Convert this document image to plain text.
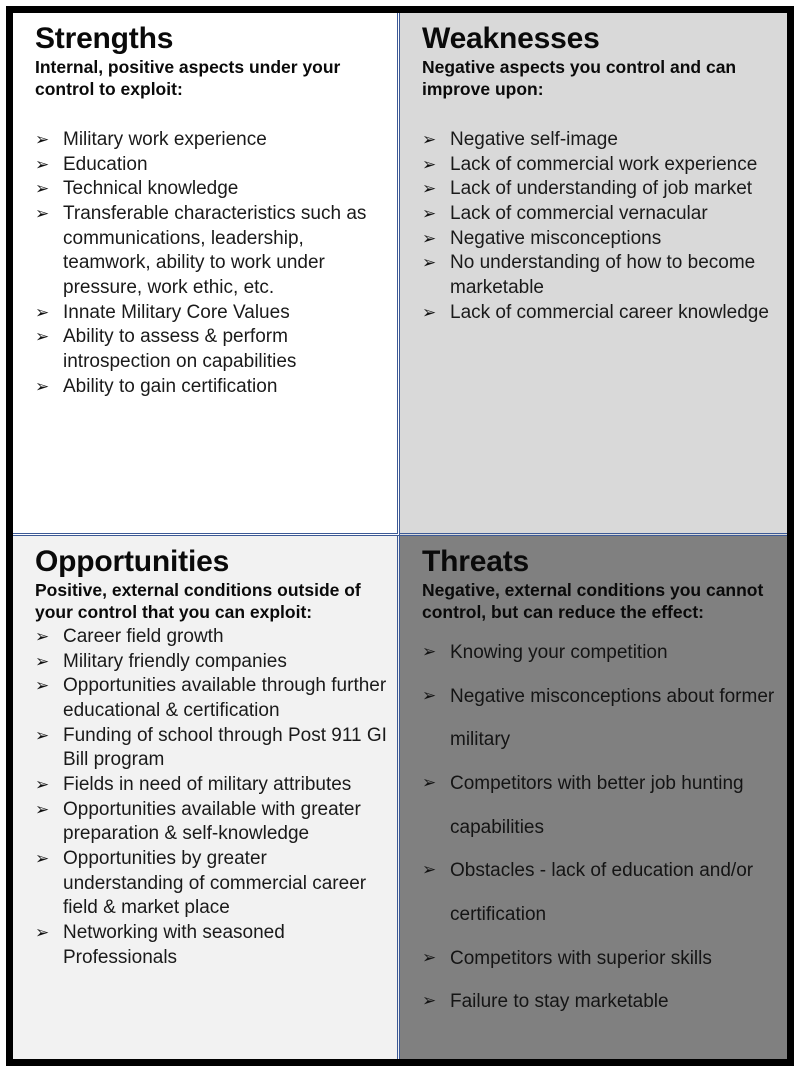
Strengths

Internal, positive aspects under your control to exploit:

➢ Military work experience
➢ Education
➢ Technical knowledge
➢ Transferable characteristics such as communications, leadership, teamwork, ability to work under pressure, work ethic, etc.
➢ Innate Military Core Values
➢ Ability to assess & perform introspection on capabilities
➢ Ability to gain certification
Weaknesses

Negative aspects you control and can improve upon:

➢ Negative self-image
➢ Lack of commercial work experience
➢ Lack of understanding of job market
➢ Lack of commercial vernacular
➢ Negative misconceptions
➢ No understanding of how to become marketable
➢ Lack of commercial career knowledge
Opportunities

Positive, external conditions outside of your control that you can exploit:

➢ Career field growth
➢ Military friendly companies
➢ Opportunities available through further educational & certification
➢ Funding of school through Post 911 GI Bill program
➢ Fields in need of military attributes
➢ Opportunities available with greater preparation & self-knowledge
➢ Opportunities by greater understanding of commercial career field & market place
➢ Networking with seasoned Professionals
Threats

Negative, external conditions you cannot control, but can reduce the effect:

➢ Knowing your competition
➢ Negative misconceptions about former military
➢ Competitors with better job hunting capabilities
➢ Obstacles - lack of education and/or certification
➢ Competitors with superior skills
➢ Failure to stay marketable
